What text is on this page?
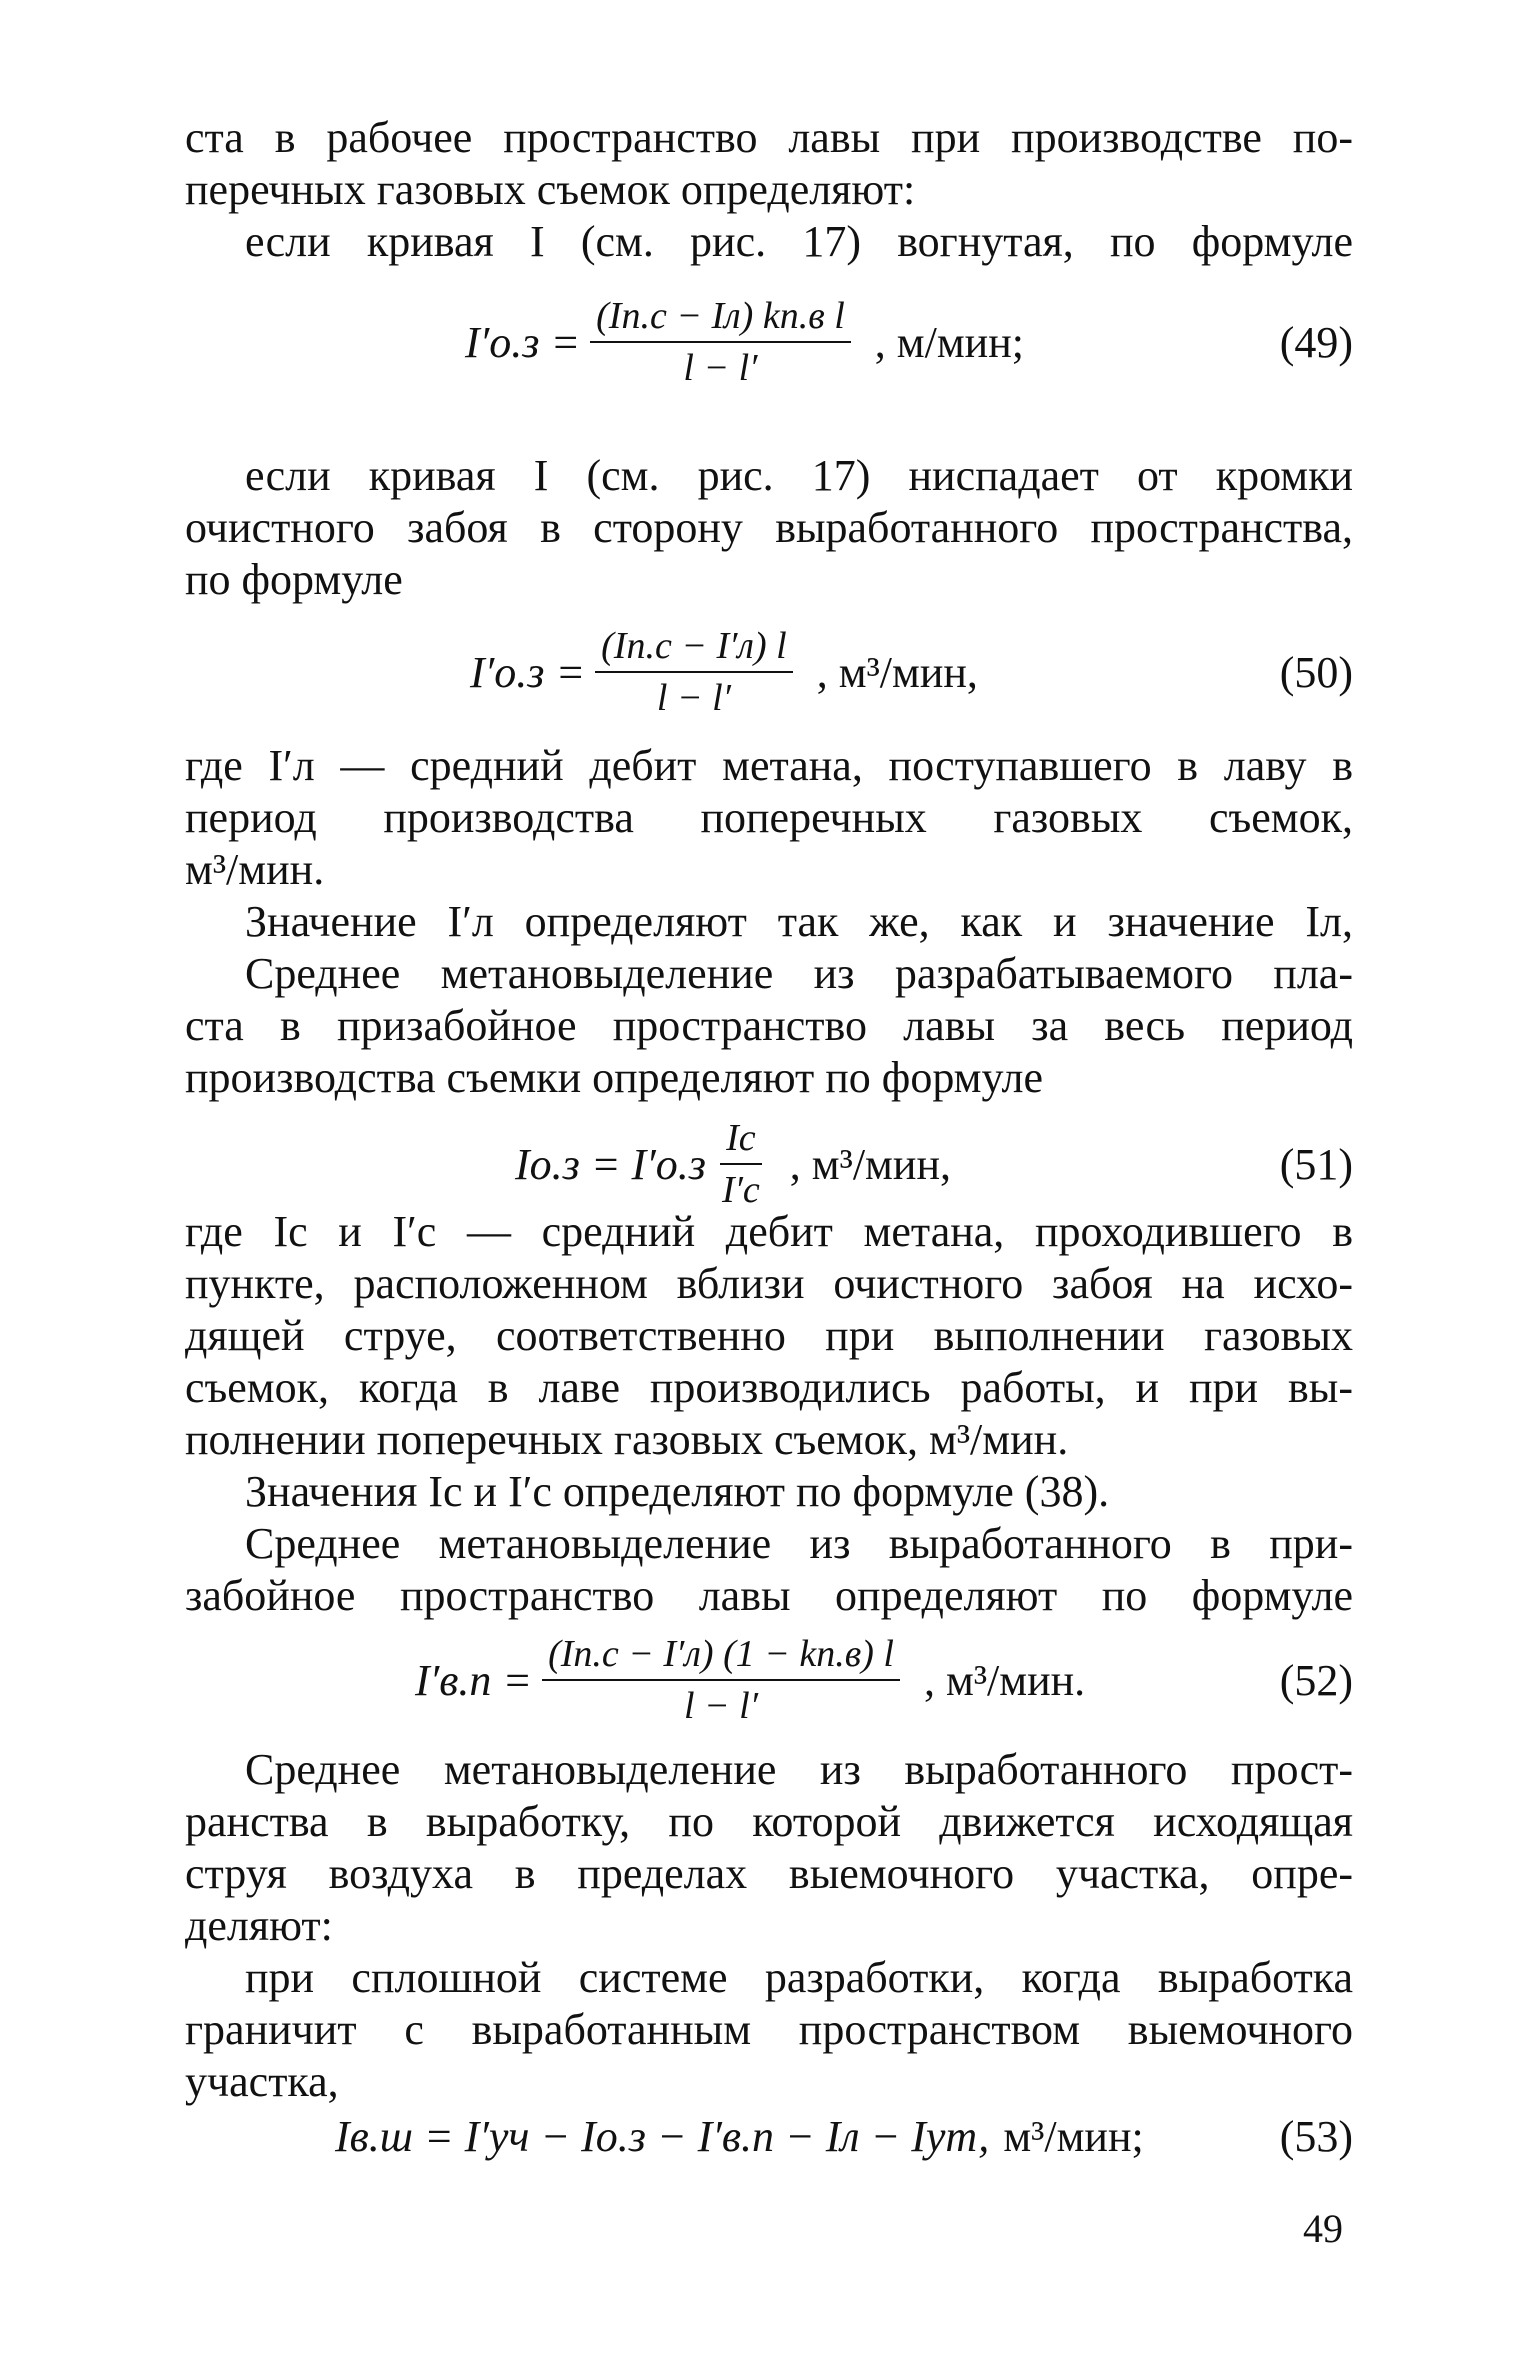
ста в рабочее пространство лавы при производстве по-
перечных газовых съемок определяют:
если кривая I (см. рис. 17) вогнутая, по формуле
$I'о.з = \frac{\text{(Iп.с − Iл) kп.в l}}{l - l'}$ , м/мин;	(49)
если кривая I (см. рис. 17) ниспадает от кромки
очистного забоя в сторону выработанного пространства,
по формуле
$I'о.з = \frac{(Iп.с - I'л) l}{l - l'}$ , м³/мин,	(50)
где I′л — средний дебит метана, поступавшего в лаву в
период производства поперечных газовых съемок,
м³/мин.
Значение I′л определяют так же, как и значение Iл,
Среднее метановыделение из разрабатываемого пла-
ста в призабойное пространство лавы за весь период
производства съемки определяют по формуле
$Iо.з = I'о.з \frac{Iс}{I'с}$ , м³/мин,	(51)
где Iс и I′с — средний дебит метана, проходившего в
пункте, расположенном вблизи очистного забоя на исхо-
дящей струе, соответственно при выполнении газовых
съемок, когда в лаве производились работы, и при вы-
полнении поперечных газовых съемок, м³/мин.
Значения Iс и I′с определяют по формуле (38).
Среднее метановыделение из выработанного в при-
забойное пространство лавы определяют по формуле
$I'в.п = \frac{(Iп.с - I'л) (1 - kп.в) l}{l - l'}$ , м³/мин.	(52)
Среднее метановыделение из выработанного прост-
ранства в выработку, по которой движется исходящая
струя воздуха в пределах выемочного участка, опре-
деляют:
при сплошной системе разработки, когда выработка
граничит с выработанным пространством выемочного
участка,
Iв.ш = I′уч − Iо.з − I′в.п − Iл − Iут, м³/мин;	(53)
49
